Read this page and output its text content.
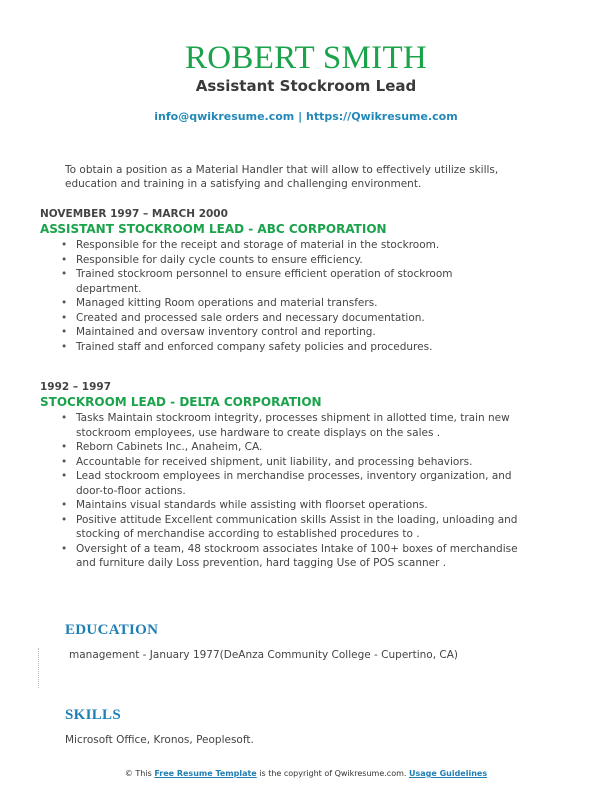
ROBERT SMITH
Assistant Stockroom Lead
info@qwikresume.com | https://Qwikresume.com
To obtain a position as a Material Handler that will allow to effectively utilize skills, education and training in a satisfying and challenging environment.
NOVEMBER 1997 – MARCH 2000
ASSISTANT STOCKROOM LEAD - ABC CORPORATION
• Responsible for the receipt and storage of material in the stockroom.
• Responsible for daily cycle counts to ensure efficiency.
• Trained stockroom personnel to ensure efficient operation of stockroom department.
• Managed kitting Room operations and material transfers.
• Created and processed sale orders and necessary documentation.
• Maintained and oversaw inventory control and reporting.
• Trained staff and enforced company safety policies and procedures.
1992 – 1997
STOCKROOM LEAD - DELTA CORPORATION
• Tasks Maintain stockroom integrity, processes shipment in allotted time, train new stockroom employees, use hardware to create displays on the sales .
• Reborn Cabinets Inc., Anaheim, CA.
• Accountable for received shipment, unit liability, and processing behaviors.
• Lead stockroom employees in merchandise processes, inventory organization, and door-to-floor actions.
• Maintains visual standards while assisting with floorset operations.
• Positive attitude Excellent communication skills Assist in the loading, unloading and stocking of merchandise according to established procedures to .
• Oversight of a team, 48 stockroom associates Intake of 100+ boxes of merchandise and furniture daily Loss prevention, hard tagging Use of POS scanner .
EDUCATION
management - January 1977(DeAnza Community College - Cupertino, CA)
SKILLS
Microsoft Office, Kronos, Peoplesoft.
© This Free Resume Template is the copyright of Qwikresume.com. Usage Guidelines
